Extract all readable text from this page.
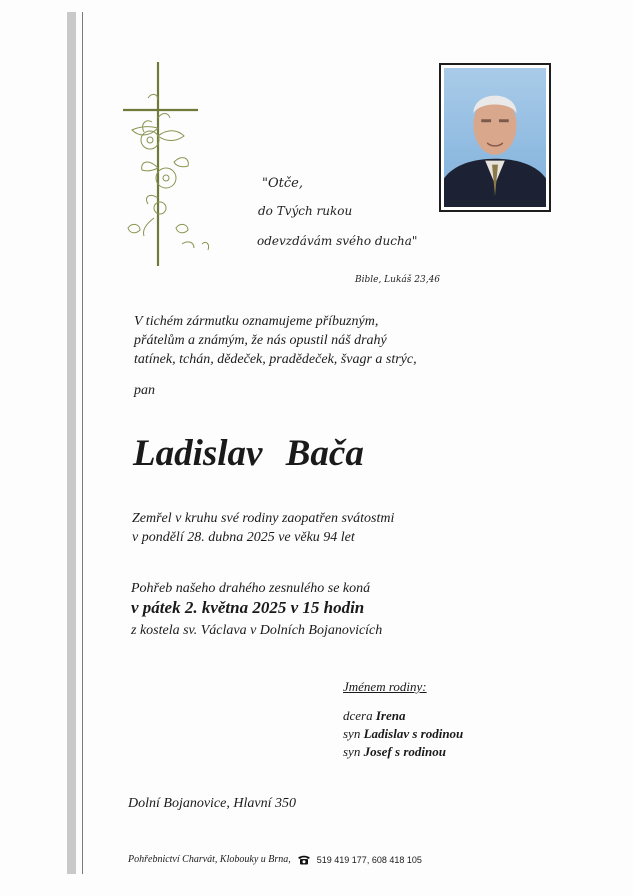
"Otče,
do Tvých rukou
odevzdávám svého ducha"
Bible, Lukáš 23,46
V tichém zármutku oznamujeme příbuzným,
přátelům a známým, že nás opustil náš drahý
tatínek, tchán, dědeček, pradědeček, švagr a strýc,
pan
Ladislav Bača
Zemřel v kruhu své rodiny zaopatřen svátostmi
v pondělí 28. dubna 2025 ve věku 94 let
Pohřeb našeho drahého zesnulého se koná
v pátek 2. května 2025 v 15 hodin
z kostela sv. Václava v Dolních Bojanovicích
Jménem rodiny:
dcera Irena
syn Ladislav s rodinou
syn Josef s rodinou
Dolní Bojanovice, Hlavní 350
Pohřebnictví Charvát, Klobouky u Brna,	519 419 177, 608 418 105
